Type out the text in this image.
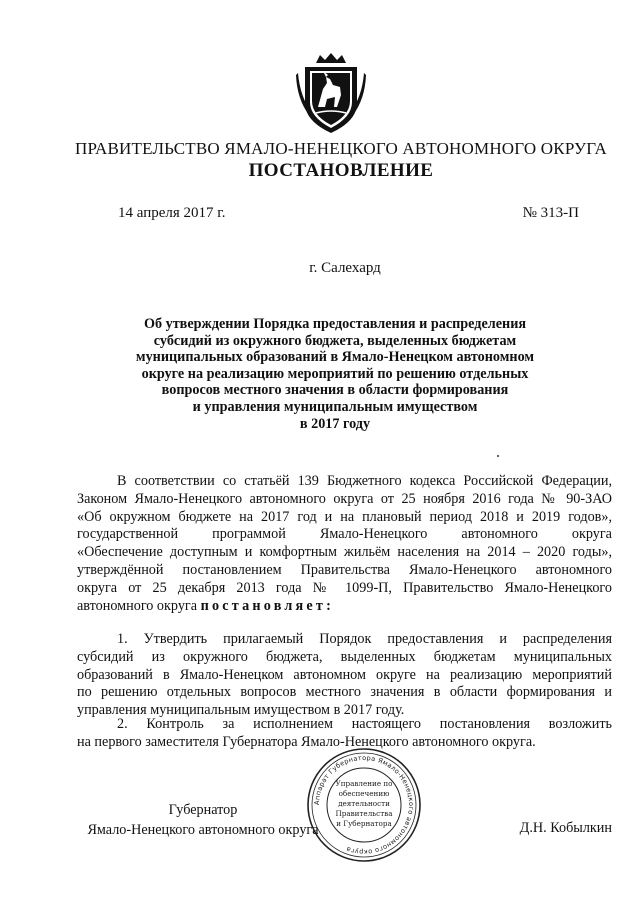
ПРАВИТЕЛЬСТВО ЯМАЛО-НЕНЕЦКОГО АВТОНОМНОГО ОКРУГА
ПОСТАНОВЛЕНИЕ
14 апреля 2017 г.	№ 313-П
г. Салехард
Об утверждении Порядка предоставления и распределения
субсидий из окружного бюджета, выделенных бюджетам
муниципальных образований в Ямало-Ненецком автономном
округе на реализацию мероприятий по решению отдельных
вопросов местного значения в области формирования
и управления муниципальным имуществом
в 2017 году
В соответствии со статьёй 139 Бюджетного кодекса Российской Федерации,
Законом Ямало-Ненецкого автономного округа от 25 ноября 2016 года № 90-ЗАО
«Об окружном бюджете на 2017 год и на плановый период 2018 и 2019 годов»,
государственной программой Ямало-Ненецкого автономного округа
«Обеспечение доступным и комфортным жильём населения на 2014 – 2020 годы»,
утверждённой постановлением Правительства Ямало-Ненецкого автономного
округа от 25 декабря 2013 года № 1099-П, Правительство Ямало-Ненецкого
автономного округа постановляет:
1. Утвердить прилагаемый Порядок предоставления и распределения
субсидий из окружного бюджета, выделенных бюджетам муниципальных
образований в Ямало-Ненецком автономном округе на реализацию мероприятий
по решению отдельных вопросов местного значения в области формирования и
управления муниципальным имуществом в 2017 году.
2. Контроль за исполнением настоящего постановления возложить
на первого заместителя Губернатора Ямало-Ненецкого автономного округа.
Губернатор
Ямало-Ненецкого автономного округа	Д.Н. Кобылкин
Аппарат Губернатора Ямало-Ненецкого автономного округа
Управление по
обеспечению
деятельности
Правительства
и Губернатора
